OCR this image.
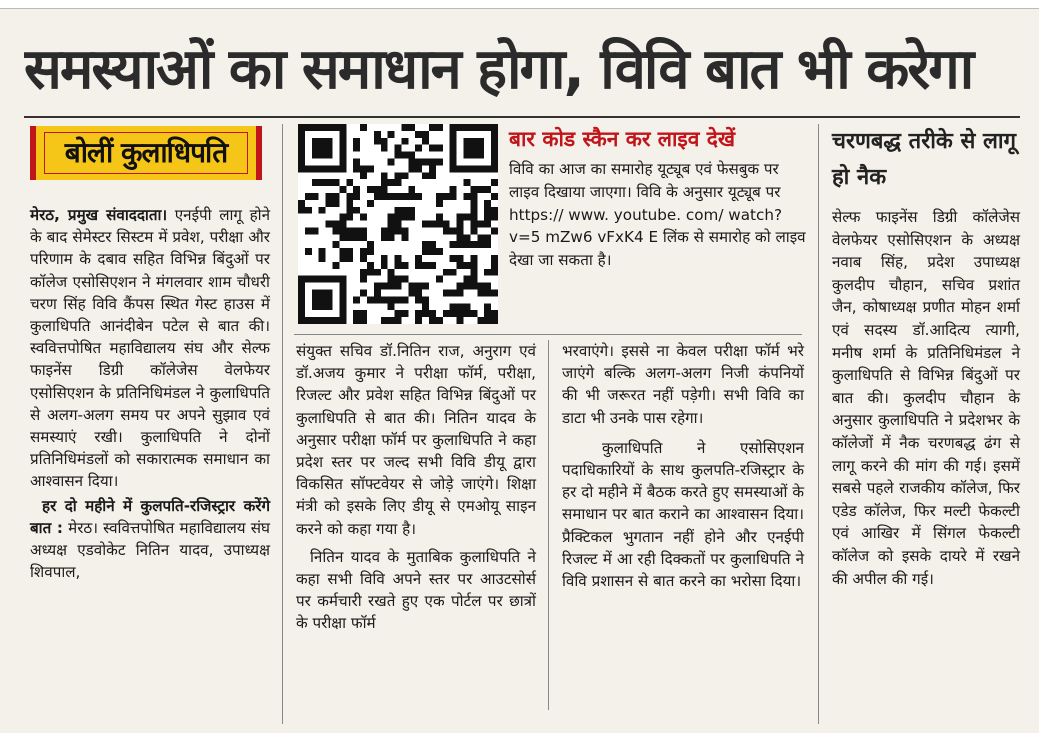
समस्याओं का समाधान होगा, विवि बात भी करेगा
बोलीं कुलाधिपति

मेरठ, प्रमुख संवाददाता। एनईपी लागू होने के बाद सेमेस्टर सिस्टम में प्रवेश, परीक्षा और परिणाम के दबाव सहित विभिन्न बिंदुओं पर कॉलेज एसोसिएशन ने मंगलवार शाम चौधरी चरण सिंह विवि कैंपस स्थित गेस्ट हाउस में कुलाधिपति आनंदीबेन पटेल से बात की। स्ववित्तपोषित महाविद्यालय संघ और सेल्फ फाइनेंस डिग्री कॉलेजेस वेलफेयर एसोसिएशन के प्रतिनिधिमंडल ने कुलाधिपति से अलग-अलग समय पर अपने सुझाव एवं समस्याएं रखी। कुलाधिपति ने दोनों प्रतिनिधिमंडलों को सकारात्मक समाधान का आश्वासन दिया।

हर दो महीने में कुलपति-रजिस्ट्रार करेंगे बात : मेरठ। स्ववित्तपोषित महाविद्यालय संघ अध्यक्ष एडवोकेट नितिन यादव, उपाध्यक्ष शिवपाल,

बार कोड स्कैन कर लाइव देखें
विवि का आज का समारोह यूट्यूब एवं फेसबुक पर लाइव दिखाया जाएगा। विवि के अनुसार यूट्यूब पर https:// www. youtube. com/ watch? v=5 mZw6 vFxK4 E लिंक से समारोह को लाइव देखा जा सकता है।

संयुक्त सचिव डॉ.नितिन राज, अनुराग एवं डॉ.अजय कुमार ने परीक्षा फॉर्म, परीक्षा, रिजल्ट और प्रवेश सहित विभिन्न बिंदुओं पर कुलाधिपति से बात की। नितिन यादव के अनुसार परीक्षा फॉर्म पर कुलाधिपति ने कहा प्रदेश स्तर पर जल्द सभी विवि डीयू द्वारा विकसित सॉफ्टवेयर से जोड़े जाएंगे। शिक्षा मंत्री को इसके लिए डीयू से एमओयू साइन करने को कहा गया है।

नितिन यादव के मुताबिक कुलाधिपति ने कहा सभी विवि अपने स्तर पर आउटसोर्स पर कर्मचारी रखते हुए एक पोर्टल पर छात्रों के परीक्षा फॉर्म

भरवाएंगे। इससे ना केवल परीक्षा फॉर्म भरे जाएंगे बल्कि अलग-अलग निजी कंपनियों की भी जरूरत नहीं पड़ेगी। सभी विवि का डाटा भी उनके पास रहेगा।

कुलाधिपति ने एसोसिएशन पदाधिकारियों के साथ कुलपति-रजिस्ट्रार के हर दो महीने में बैठक करते हुए समस्याओं के समाधान पर बात कराने का आश्वासन दिया। प्रैक्टिकल भुगतान नहीं होने और एनईपी रिजल्ट में आ रही दिक्कतों पर कुलाधिपति ने विवि प्रशासन से बात करने का भरोसा दिया।

चरणबद्ध तरीके से लागू हो नैक
सेल्फ फाइनेंस डिग्री कॉलेजेस वेलफेयर एसोसिएशन के अध्यक्ष नवाब सिंह, प्रदेश उपाध्यक्ष कुलदीप चौहान, सचिव प्रशांत जैन, कोषाध्यक्ष प्रणीत मोहन शर्मा एवं सदस्य डॉ.आदित्य त्यागी, मनीष शर्मा के प्रतिनिधिमंडल ने कुलाधिपति से विभिन्न बिंदुओं पर बात की। कुलदीप चौहान के अनुसार कुलाधिपति ने प्रदेशभर के कॉलेजों में नैक चरणबद्ध ढंग से लागू करने की मांग की गई। इसमें सबसे पहले राजकीय कॉलेज, फिर एडेड कॉलेज, फिर मल्टी फेकल्टी एवं आखिर में सिंगल फेकल्टी कॉलेज को इसके दायरे में रखने की अपील की गई।
